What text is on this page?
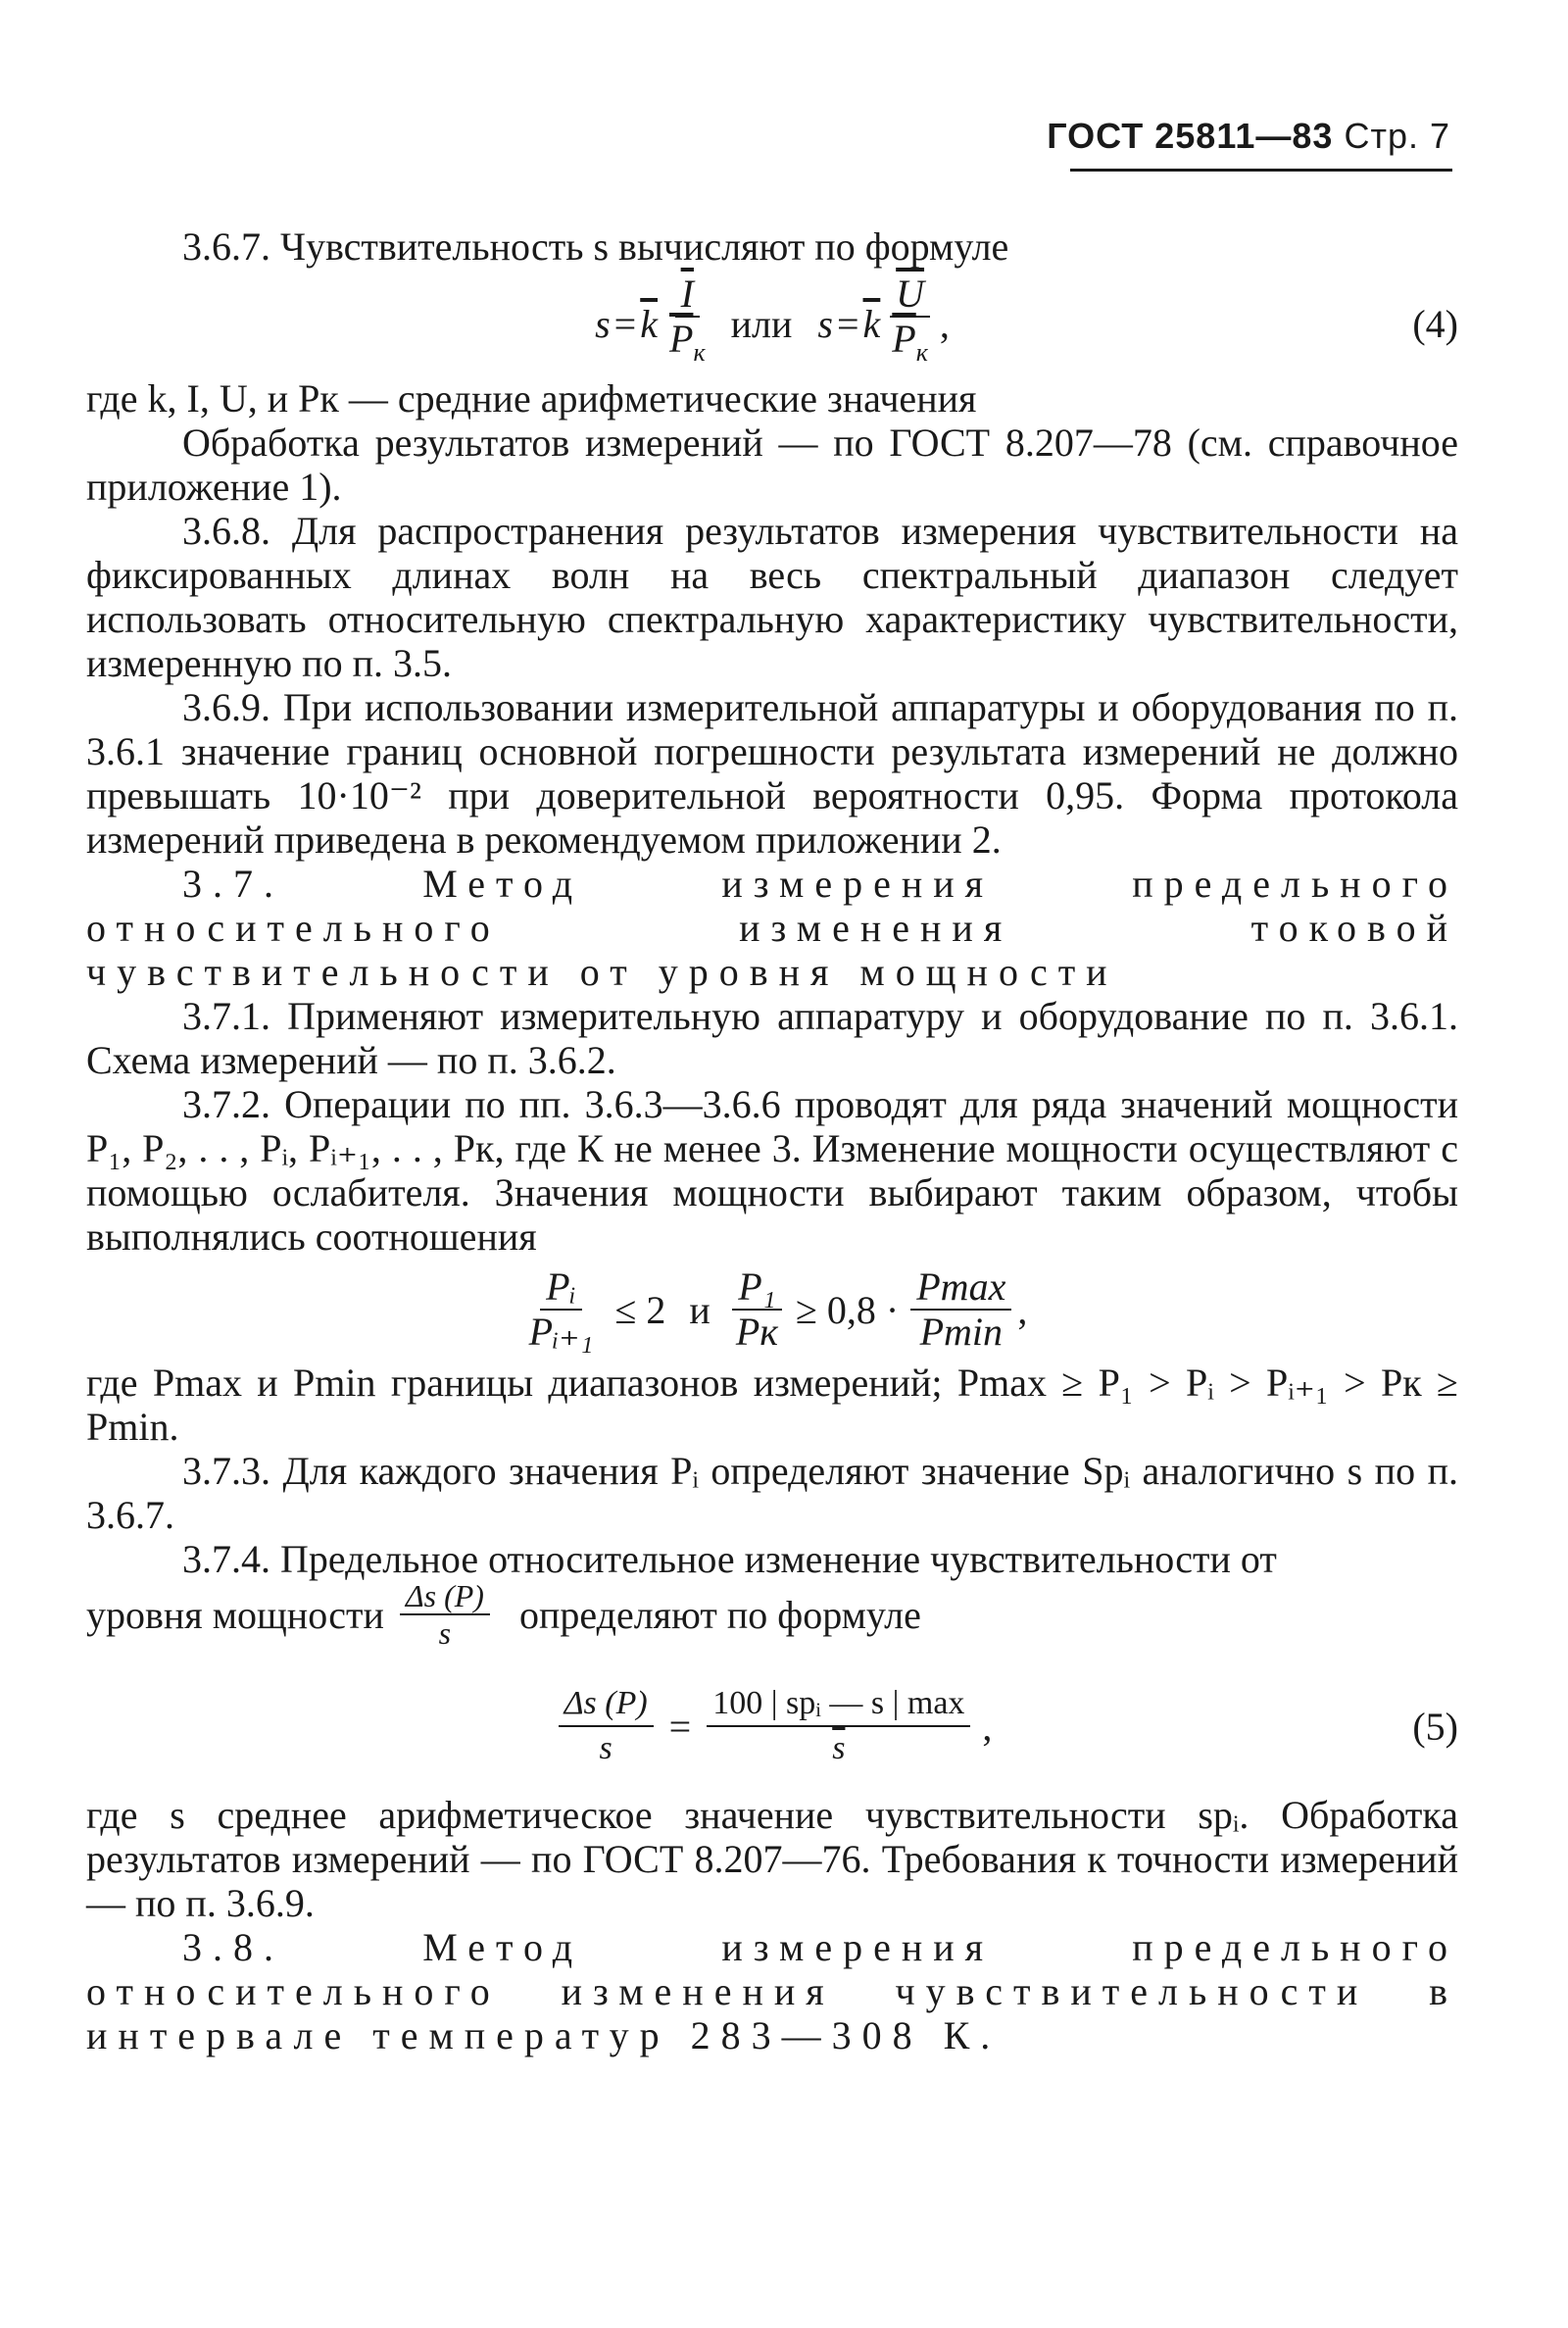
ГОСТ 25811—83 Стр. 7

3.6.7. Чувствительность s вычисляют по формуле

$s = \overline{k} \frac{\overline{I}}{\overline{P}_к}$ или $s = \overline{k} \frac{\overline{U}}{\overline{P}_к}$ ,	(4)

где k, I, U, и Pк — средние арифметические значения

Обработка результатов измерений — по ГОСТ 8.207—78 (см. справочное приложение 1).

3.6.8. Для распространения результатов измерения чувствительности на фиксированных длинах волн на весь спектральный диапазон следует использовать относительную спектральную характеристику чувствительности, измеренную по п. 3.5.

3.6.9. При использовании измерительной аппаратуры и оборудования по п. 3.6.1 значение границ основной погрешности результата измерений не должно превышать 10·10⁻² при доверительной вероятности 0,95. Форма протокола измерений приведена в рекомендуемом приложении 2.

3.7. Метод измерения предельного относительного изменения токовой чувствительности от уровня мощности

3.7.1. Применяют измерительную аппаратуру и оборудование по п. 3.6.1. Схема измерений — по п. 3.6.2.

3.7.2. Операции по пп. 3.6.3—3.6.6 проводят для ряда значений мощности P₁, P₂, . . , Pᵢ, Pᵢ₊₁, . . , Pк, где К не менее 3. Изменение мощности осуществляют с помощью ослабителя. Значения мощности выбирают таким образом, чтобы выполнялись соотношения

$\frac{\text{Pᵢ}}{\text{Pᵢ₊₁}} \le 2$ и $\frac{\text{P₁}}{Pк} \ge 0,8 \cdot \frac{Pmax}{Pmin}$ ,

где Pmax и Pmin границы диапазонов измерений; Pmax ≥ P₁ > Pᵢ > Pᵢ₊₁ > Pк ≥ Pmin.

3.7.3. Для каждого значения Pᵢ определяют значение Spᵢ аналогично s по п. 3.6.7.

3.7.4. Предельное относительное изменение чувствительности от

уровня мощности $\frac{\Delta s (P)}{s}$ определяют по формуле
$\frac{\Delta s (P)}{s} = \frac{\text{100 | spᵢ — s | max}}{s}$ ,	(5)

где s среднее арифметическое значение чувствительности spᵢ. Обработка результатов измерений — по ГОСТ 8.207—76. Требования к точности измерений — по п. 3.6.9.

3.8. Метод измерения предельного относительного изменения чувствительности в интервале температур 283—308 К.
